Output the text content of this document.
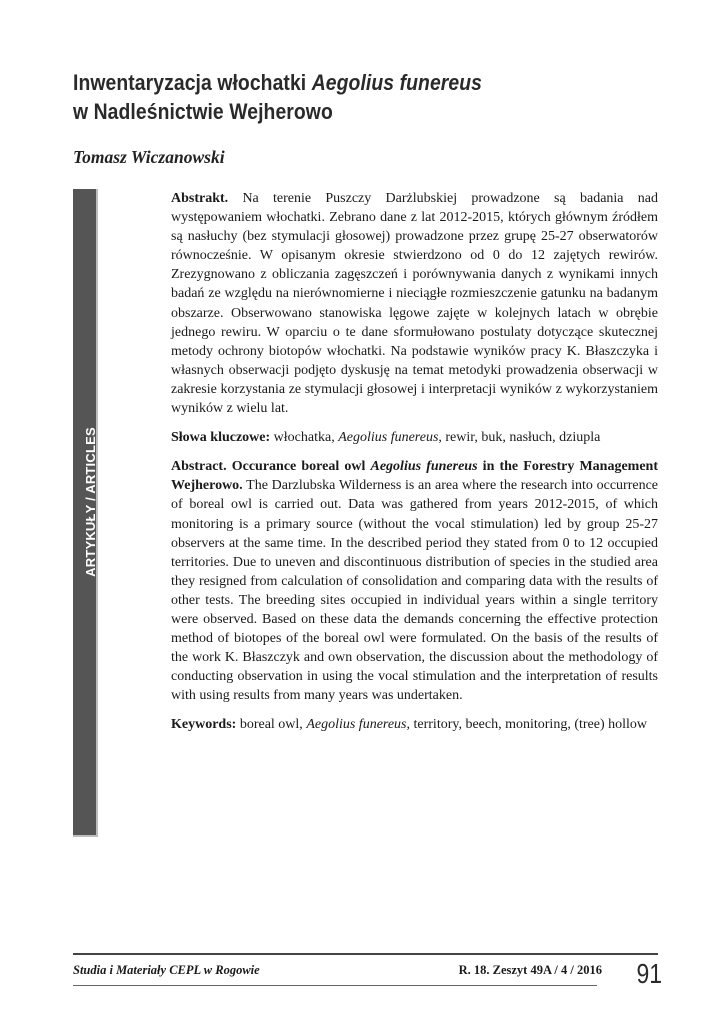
Inwentaryzacja włochatki Aegolius funereus
w Nadleśnictwie Wejherowo

Tomasz Wiczanowski

ARTYKUŁY / ARTICLES

Abstrakt. Na terenie Puszczy Darżlubskiej prowadzone są badania nad występowaniem włochatki. Zebrano dane z lat 2012-2015, których głównym źródłem są nasłuchy (bez stymulacji głosowej) prowadzone przez grupę 25-27 obserwatorów równocześnie. W opisanym okresie stwierdzono od 0 do 12 zajętych rewirów. Zrezygnowano z obliczania zagęszczeń i porównywania danych z wynikami innych badań ze względu na nierównomierne i nieciągłe rozmieszczenie gatunku na badanym obszarze. Obserwowano stanowiska lęgowe zajęte w kolejnych latach w obrębie jednego rewiru. W oparciu o te dane sformułowano postulaty dotyczące skutecznej metody ochrony biotopów włochatki. Na podstawie wyników pracy K. Błaszczyka i własnych obserwacji podjęto dyskusję na temat metodyki prowadzenia obserwacji w zakresie korzystania ze stymulacji głosowej i interpretacji wyników z wykorzystaniem wyników z wielu lat.

Słowa kluczowe: włochatka, Aegolius funereus, rewir, buk, nasłuch, dziupla

Abstract. Occurance boreal owl Aegolius funereus in the Forestry Management Wejherowo. The Darzlubska Wilderness is an area where the research into occurrence of boreal owl is carried out. Data was gathered from years 2012-2015, of which monitoring is a primary source (without the vocal stimulation) led by group 25-27 observers at the same time. In the described period they stated from 0 to 12 occupied territories. Due to uneven and discontinuous distribution of species in the studied area they resigned from calculation of consolidation and comparing data with the results of other tests. The breeding sites occupied in individual years within a single territory were observed. Based on these data the demands concerning the effective protection method of biotopes of the boreal owl were formulated. On the basis of the results of the work K. Błaszczyk and own observation, the discussion about the methodology of conducting observation in using the vocal stimulation and the interpretation of results with using results from many years was undertaken.

Keywords: boreal owl, Aegolius funereus, territory, beech, monitoring, (tree) hollow

Studia i Materiały CEPL w Rogowie	R. 18. Zeszyt 49A / 4 / 2016	91
